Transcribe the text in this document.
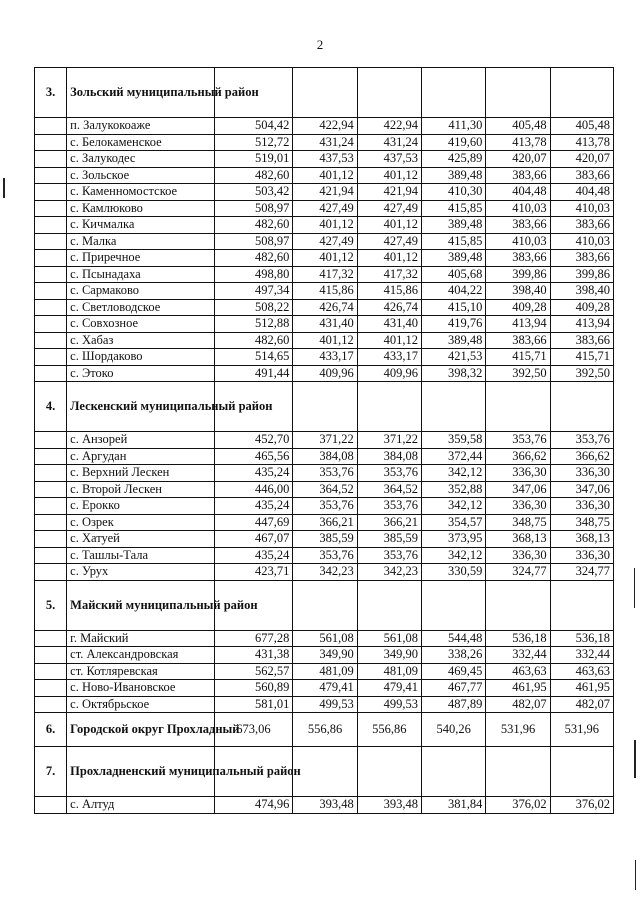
2
3.	Зольский муниципальный район						
	п. Залукокоаже	504,42	422,94	422,94	411,30	405,48	405,48
	с. Белокаменское	512,72	431,24	431,24	419,60	413,78	413,78
	с. Залукодес	519,01	437,53	437,53	425,89	420,07	420,07
	с. Зольское	482,60	401,12	401,12	389,48	383,66	383,66
	с. Каменномостское	503,42	421,94	421,94	410,30	404,48	404,48
	с. Камлюково	508,97	427,49	427,49	415,85	410,03	410,03
	с. Кичмалка	482,60	401,12	401,12	389,48	383,66	383,66
	с. Малка	508,97	427,49	427,49	415,85	410,03	410,03
	с. Приречное	482,60	401,12	401,12	389,48	383,66	383,66
	с. Псынадаха	498,80	417,32	417,32	405,68	399,86	399,86
	с. Сармаково	497,34	415,86	415,86	404,22	398,40	398,40
	с. Светловодское	508,22	426,74	426,74	415,10	409,28	409,28
	с. Совхозное	512,88	431,40	431,40	419,76	413,94	413,94
	с. Хабаз	482,60	401,12	401,12	389,48	383,66	383,66
	с. Шордаково	514,65	433,17	433,17	421,53	415,71	415,71
	с. Этоко	491,44	409,96	409,96	398,32	392,50	392,50
4.	Лескенский муниципальный район						
	с. Анзорей	452,70	371,22	371,22	359,58	353,76	353,76
	с. Аргудан	465,56	384,08	384,08	372,44	366,62	366,62
	с. Верхний Лескен	435,24	353,76	353,76	342,12	336,30	336,30
	с. Второй Лескен	446,00	364,52	364,52	352,88	347,06	347,06
	с. Ерокко	435,24	353,76	353,76	342,12	336,30	336,30
	с. Озрек	447,69	366,21	366,21	354,57	348,75	348,75
	с. Хатуей	467,07	385,59	385,59	373,95	368,13	368,13
	с. Ташлы-Тала	435,24	353,76	353,76	342,12	336,30	336,30
	с. Урух	423,71	342,23	342,23	330,59	324,77	324,77
5.	Майский муниципальный район						
	г. Майский	677,28	561,08	561,08	544,48	536,18	536,18
	ст. Александровская	431,38	349,90	349,90	338,26	332,44	332,44
	ст. Котляревская	562,57	481,09	481,09	469,45	463,63	463,63
	с. Ново-Ивановское	560,89	479,41	479,41	467,77	461,95	461,95
	с. Октябрьское	581,01	499,53	499,53	487,89	482,07	482,07
6.	Городской округ Прохладный	673,06	556,86	556,86	540,26	531,96	531,96
7.	Прохладненский муниципальный район						
	с. Алтуд	474,96	393,48	393,48	381,84	376,02	376,02
